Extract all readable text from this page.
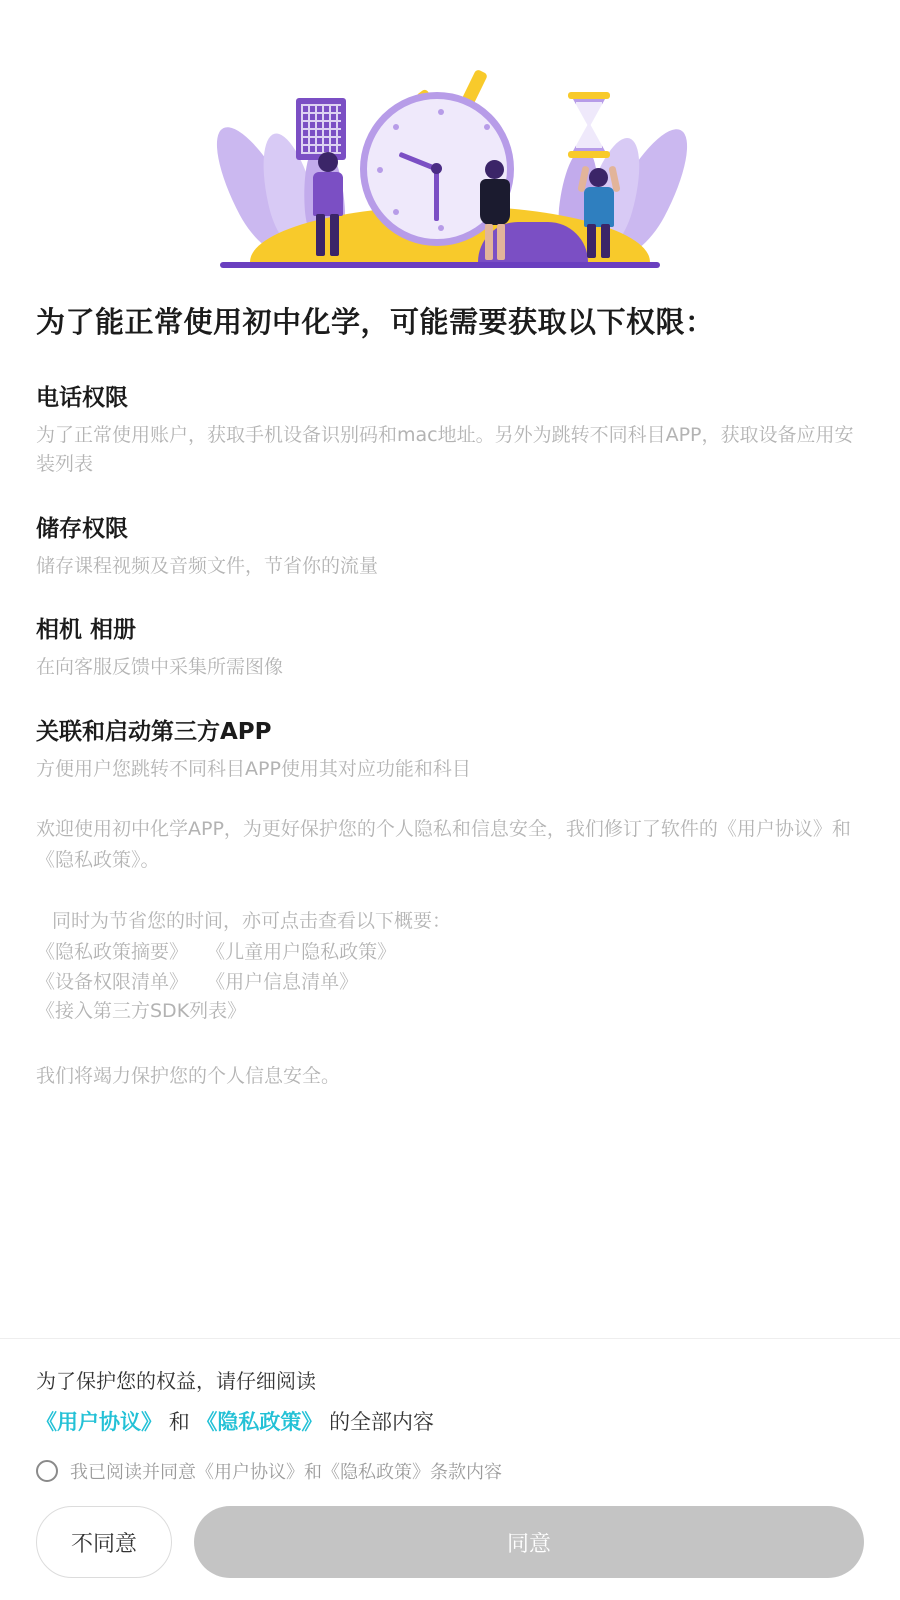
为了能正常使用初中化学，可能需要获取以下权限：
电话权限
为了正常使用账户，获取手机设备识别码和mac地址。另外为跳转不同科目APP，获取设备应用安装列表
储存权限
储存课程视频及音频文件，节省你的流量
相机 相册
在向客服反馈中采集所需图像
关联和启动第三方APP
方便用户您跳转不同科目APP使用其对应功能和科目
欢迎使用初中化学APP，为更好保护您的个人隐私和信息安全，我们修订了软件的《用户协议》和《隐私政策》。
同时为节省您的时间，亦可点击查看以下概要：
《隐私政策摘要》 《儿童用户隐私政策》
《设备权限清单》 《用户信息清单》
《接入第三方SDK列表》
我们将竭力保护您的个人信息安全。
为了保护您的权益，请仔细阅读
《用户协议》 和 《隐私政策》 的全部内容
我已阅读并同意《用户协议》和《隐私政策》条款内容
不同意	同意
